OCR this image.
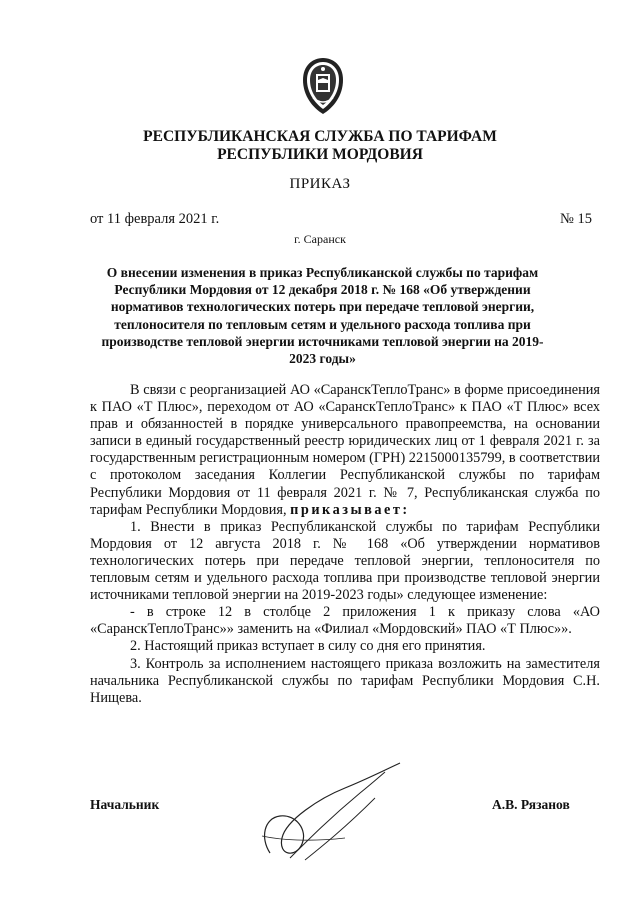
РЕСПУБЛИКАНСКАЯ СЛУЖБА ПО ТАРИФАМ
РЕСПУБЛИКИ МОРДОВИЯ
ПРИКАЗ
от 11 февраля 2021 г.	№ 15
г. Саранск
О внесении изменения в приказ Республиканской службы по тарифам Республики Мордовия от 12 декабря 2018 г. № 168 «Об утверждении нормативов технологических потерь при передаче тепловой энергии, теплоносителя по тепловым сетям и удельного расхода топлива при производстве тепловой энергии источниками тепловой энергии на 2019-2023 годы»

В связи с реорганизацией АО «СаранскТеплоТранс» в форме присоединения к ПАО «Т Плюс», переходом от АО «СаранскТеплоТранс» к ПАО «Т Плюс» всех прав и обязанностей в порядке универсального правопреемства, на основании записи в единый государственный реестр юридических лиц от 1 февраля 2021 г. за государственным регистрационным номером (ГРН) 2215000135799, в соответствии с протоколом заседания Коллегии Республиканской службы по тарифам Республики Мордовия от 11 февраля 2021 г. № 7, Республиканская служба по тарифам Республики Мордовия, приказывает:

1. Внести в приказ Республиканской службы по тарифам Республики Мордовия от 12 августа 2018 г. № 168 «Об утверждении нормативов технологических потерь при передаче тепловой энергии, теплоносителя по тепловым сетям и удельного расхода топлива при производстве тепловой энергии источниками тепловой энергии на 2019-2023 годы» следующее изменение:

- в строке 12 в столбце 2 приложения 1 к приказу слова «АО «СаранскТеплоТранс»» заменить на «Филиал «Мордовский» ПАО «Т Плюс»».

2. Настоящий приказ вступает в силу со дня его принятия.

3. Контроль за исполнением настоящего приказа возложить на заместителя начальника Республиканской службы по тарифам Республики Мордовия С.Н. Нищева.

Начальник	А.В. Рязанов
